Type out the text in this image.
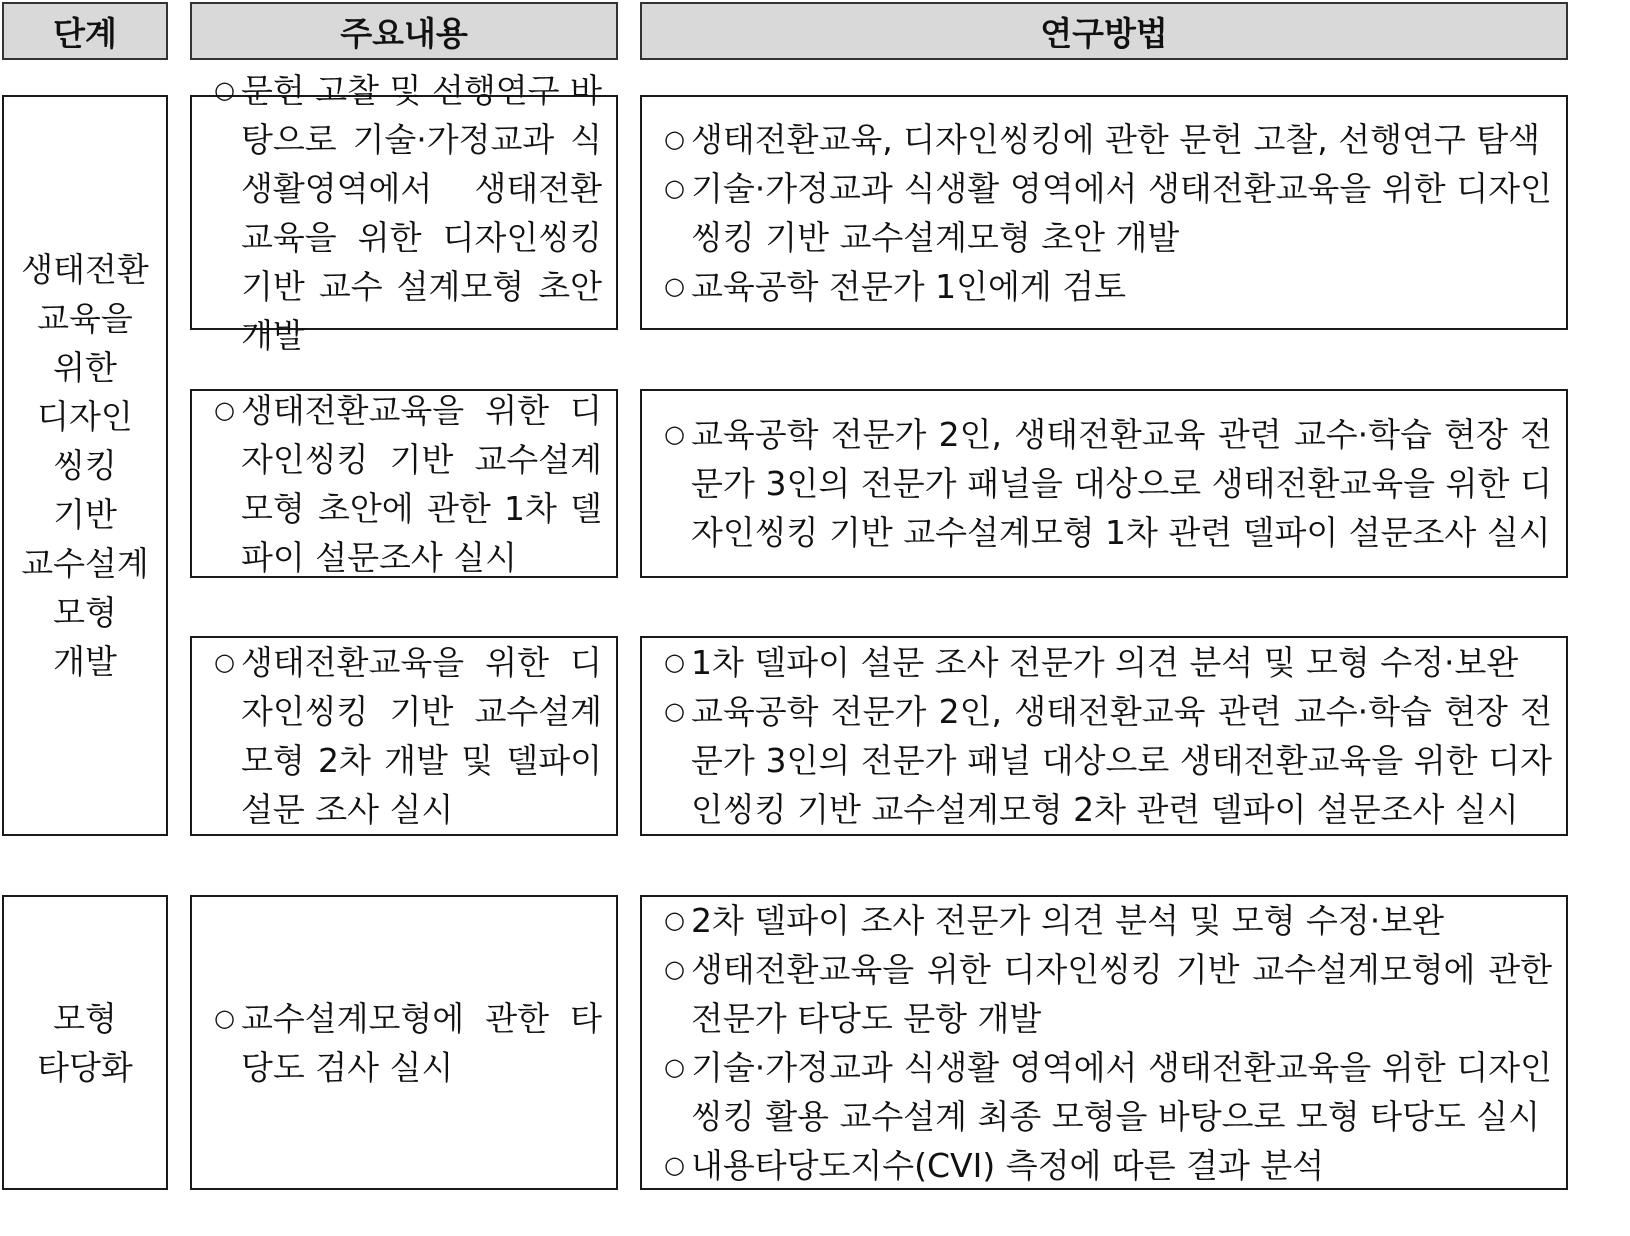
단계	주요내용	연구방법
생태전환
교육을
위한
디자인
씽킹
기반
교수설계
모형
개발
○ 문헌 고찰 및 선행연구 바탕으로 기술·가정교과 식생활영역에서 생태전환교육을 위한 디자인씽킹 기반 교수 설계모형 초안 개발
○ 생태전환교육, 디자인씽킹에 관한 문헌 고찰, 선행연구 탐색
○ 기술·가정교과 식생활 영역에서 생태전환교육을 위한 디자인씽킹 기반 교수설계모형 초안 개발
○ 교육공학 전문가 1인에게 검토
○ 생태전환교육을 위한 디자인씽킹 기반 교수설계 모형 초안에 관한 1차 델파이 설문조사 실시
○ 교육공학 전문가 2인, 생태전환교육 관련 교수·학습 현장 전문가 3인의 전문가 패널을 대상으로 생태전환교육을 위한 디자인씽킹 기반 교수설계모형 1차 관련 델파이 설문조사 실시
○ 생태전환교육을 위한 디자인씽킹 기반 교수설계 모형 2차 개발 및 델파이 설문 조사 실시
○ 1차 델파이 설문 조사 전문가 의견 분석 및 모형 수정·보완
○ 교육공학 전문가 2인, 생태전환교육 관련 교수·학습 현장 전문가 3인의 전문가 패널 대상으로 생태전환교육을 위한 디자인씽킹 기반 교수설계모형 2차 관련 델파이 설문조사 실시
모형
타당화
○ 교수설계모형에 관한 타당도 검사 실시
○ 2차 델파이 조사 전문가 의견 분석 및 모형 수정·보완
○ 생태전환교육을 위한 디자인씽킹 기반 교수설계모형에 관한 전문가 타당도 문항 개발
○ 기술·가정교과 식생활 영역에서 생태전환교육을 위한 디자인씽킹 활용 교수설계 최종 모형을 바탕으로 모형 타당도 실시
○ 내용타당도지수(CVI) 측정에 따른 결과 분석
